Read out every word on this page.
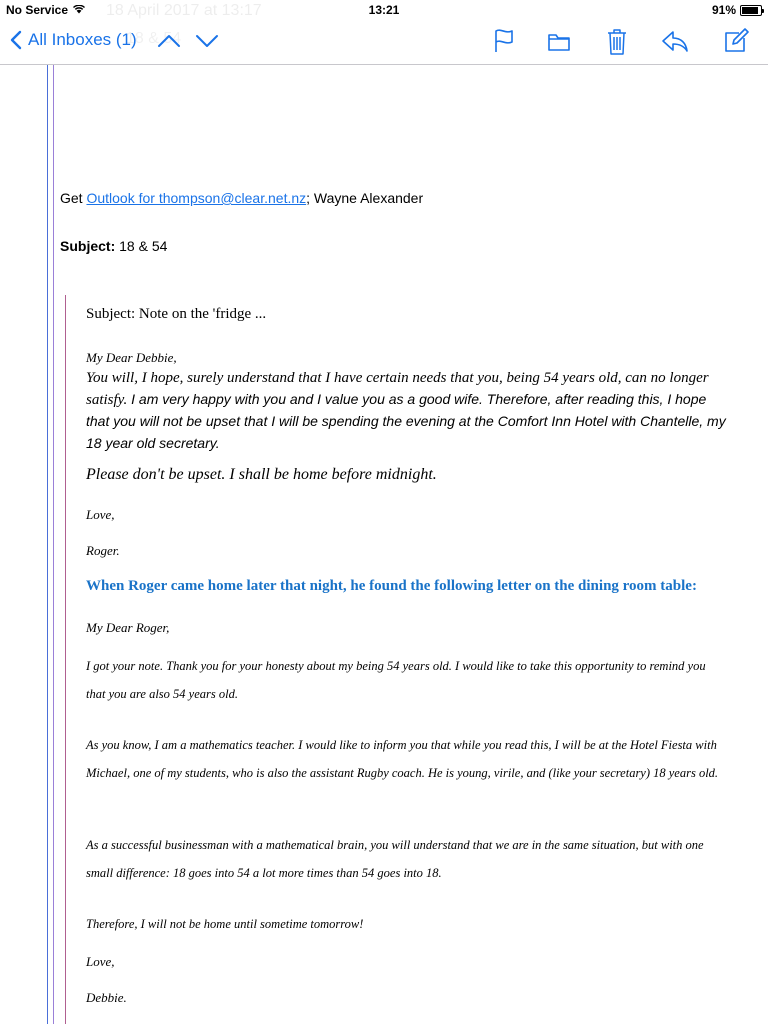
No Service	18 April 2017 at 13:17	13:21	91%
18 & 54
All Inboxes (1)
Get Outlook for thompson@clear.net.nz; Wayne Alexander
Subject: 18 & 54
Subject: Note on the 'fridge ...
My Dear Debbie,
You will, I hope, surely understand that I have certain needs that you, being 54 years old, can no longer satisfy. I am very happy with you and I value you as a good wife. Therefore, after reading this, I hope that you will not be upset that I will be spending the evening at the Comfort Inn Hotel with Chantelle, my 18 year old secretary.
Please don't be upset. I shall be home before midnight.
Love,
Roger.
When Roger came home later that night, he found the following letter on the dining room table:
My Dear Roger,
I got your note. Thank you for your honesty about my being 54 years old. I would like to take this opportunity to remind you that you are also 54 years old.
As you know, I am a mathematics teacher. I would like to inform you that while you read this, I will be at the Hotel Fiesta with Michael, one of my students, who is also the assistant Rugby coach. He is young, virile, and (like your secretary) 18 years old.
As a successful businessman with a mathematical brain, you will understand that we are in the same situation, but with one small difference: 18 goes into 54 a lot more times than 54 goes into 18.
Therefore, I will not be home until sometime tomorrow!
Love,
Debbie.
